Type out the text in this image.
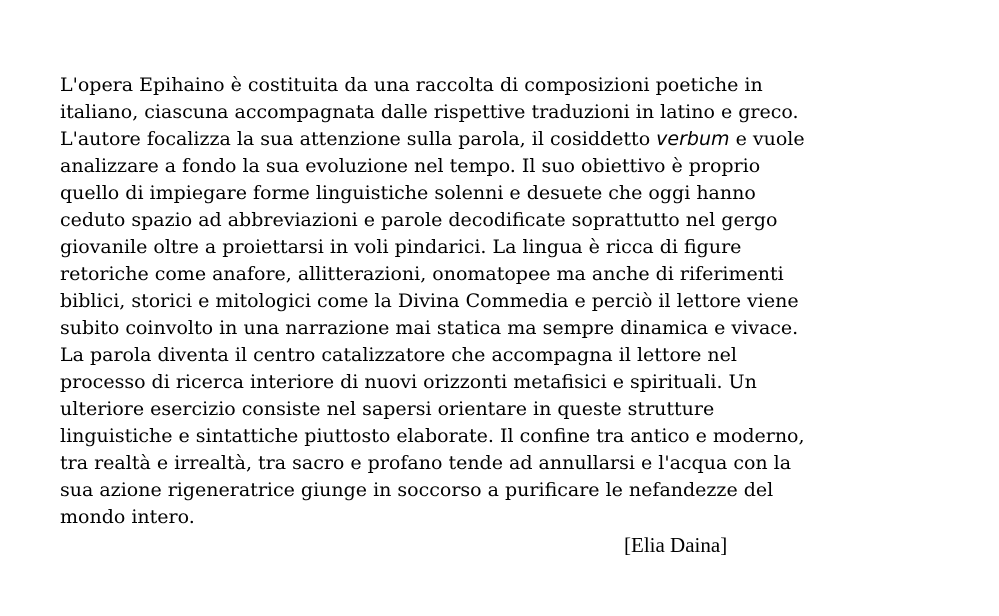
L'opera Epihaino è costituita da una raccolta di composizioni poetiche in
italiano, ciascuna accompagnata dalle rispettive traduzioni in latino e greco.
L'autore focalizza la sua attenzione sulla parola, il cosiddetto verbum e vuole
analizzare a fondo la sua evoluzione nel tempo. Il suo obiettivo è proprio
quello di impiegare forme linguistiche solenni e desuete che oggi hanno
ceduto spazio ad abbreviazioni e parole decodificate soprattutto nel gergo
giovanile oltre a proiettarsi in voli pindarici. La lingua è ricca di figure
retoriche come anafore, allitterazioni, onomatopee ma anche di riferimenti
biblici, storici e mitologici come la Divina Commedia e perciò il lettore viene
subito coinvolto in una narrazione mai statica ma sempre dinamica e vivace.
La parola diventa il centro catalizzatore che accompagna il lettore nel
processo di ricerca interiore di nuovi orizzonti metafisici e spirituali. Un
ulteriore esercizio consiste nel sapersi orientare in queste strutture
linguistiche e sintattiche piuttosto elaborate. Il confine tra antico e moderno,
tra realtà e irrealtà, tra sacro e profano tende ad annullarsi e l'acqua con la
sua azione rigeneratrice giunge in soccorso a purificare le nefandezze del
mondo intero.

[Elia Daina]
